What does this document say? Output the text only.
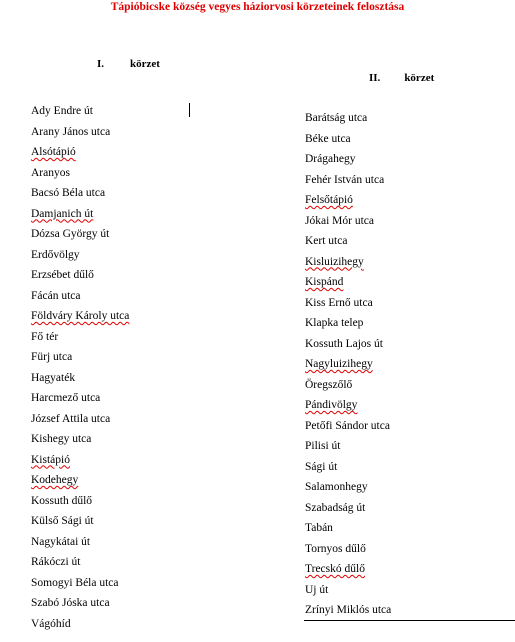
Tápióbicske község vegyes háziorvosi körzeteinek felosztása
I. körzet
II. körzet
Ady Endre út
Arany János utca
Alsótápió
Aranyos
Bacsó Béla utca
Damjanich út
Dózsa György út
Erdővölgy
Erzsébet dűlő
Fácán utca
Földváry Károly utca
Fő tér
Fürj utca
Hagyaték
Harcmező utca
József Attila utca
Kishegy utca
Kistápió
Kodehegy
Kossuth dűlő
Külső Sági út
Nagykátai út
Rákóczi út
Somogyi Béla utca
Szabó Jóska utca
Vágóhíd
Barátság utca
Béke utca
Drágahegy
Fehér István utca
Felsőtápió
Jókai Mór utca
Kert utca
Kisluizihegy
Kispánd
Kiss Ernő utca
Klapka telep
Kossuth Lajos út
Nagyluizihegy
Öregszőlő
Pándivölgy
Petőfi Sándor utca
Pilisi út
Sági út
Salamonhegy
Szabadság út
Tabán
Tornyos dűlő
Trecskó dűlő
Uj út
Zrínyi Miklós utca
